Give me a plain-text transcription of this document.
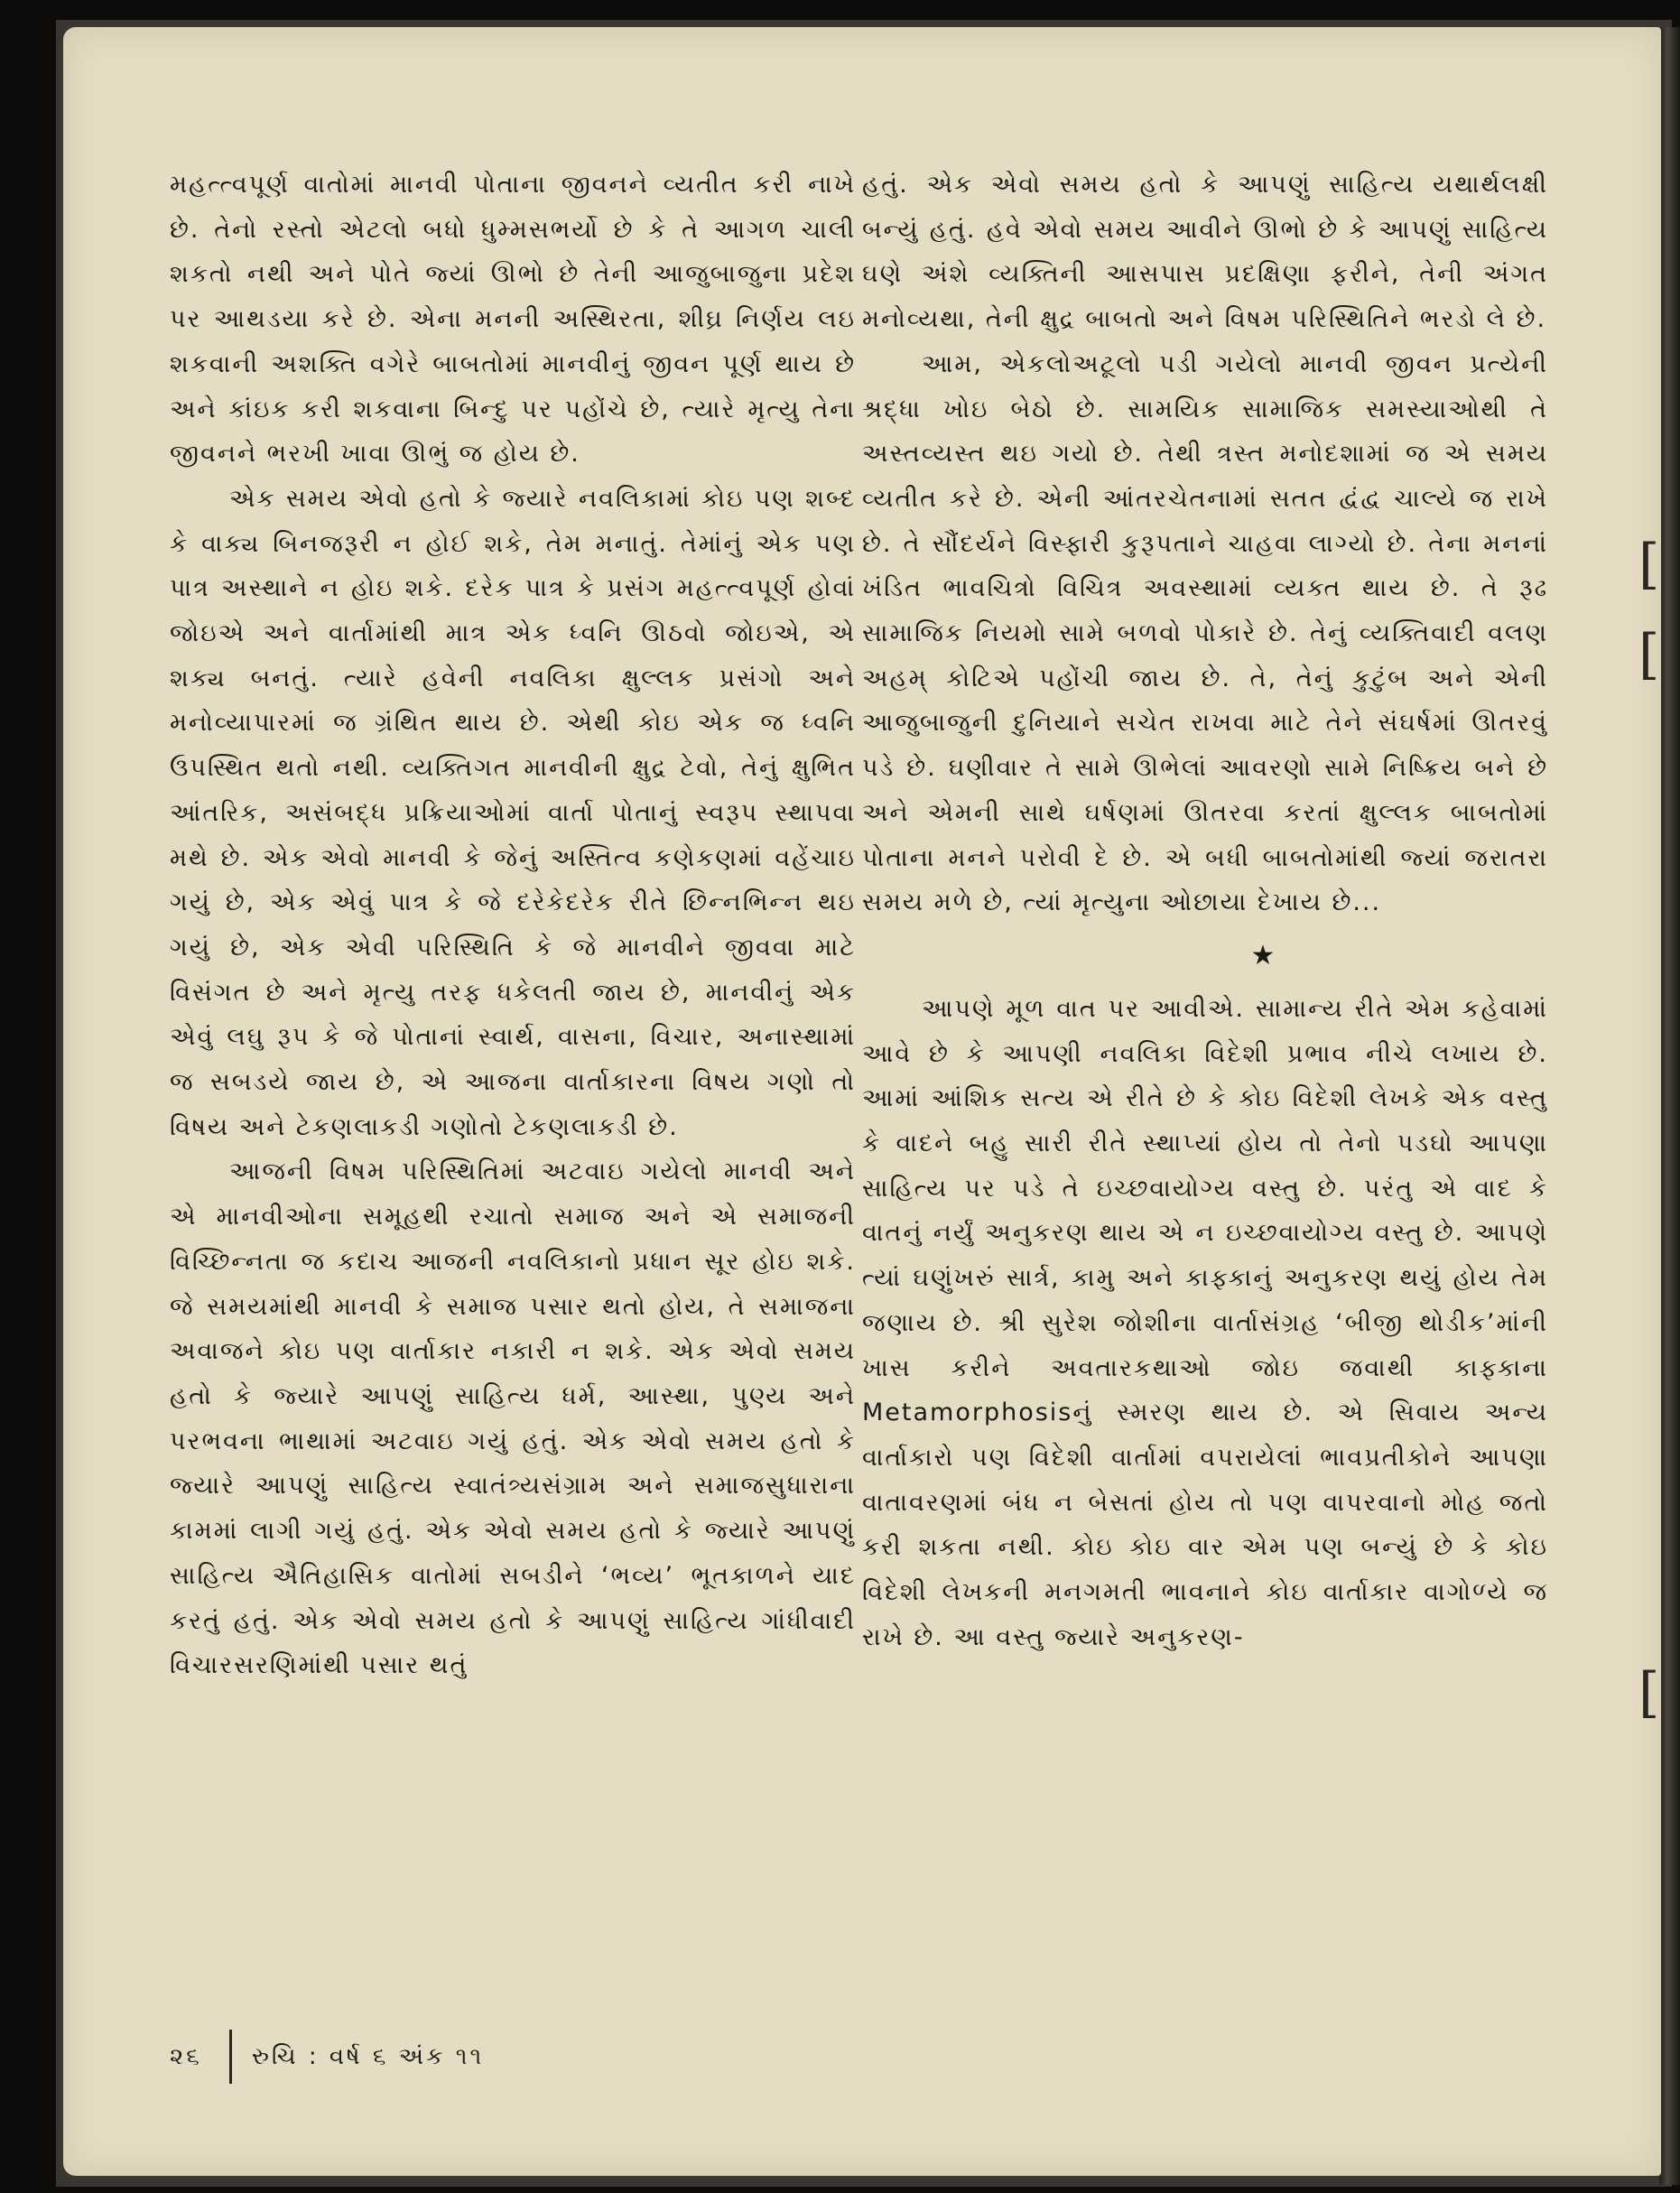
મહત્ત્વપૂર્ણ વાતોમાં માનવી પોતાના જીવનને વ્યતીત કરી નાખે છે. તેનો રસ્તો એટલો બધો ધુમ્મસભર્યો છે કે તે આગળ ચાલી શકતો નથી અને પોતે જ્યાં ઊભો છે તેની આજુબાજુના પ્રદેશ પર આથડયા કરે છે. એના મનની અસ્થિરતા, શીઘ્ર નિર્ણય લઇ શકવાની અશક્તિ વગેરે બાબતોમાં માનવીનું જીવન પૂર્ણ થાય છે અને કાંઇક કરી શકવાના બિન્દુ પર પહોંચે છે, ત્યારે મૃત્યુ તેના જીવનને ભરખી ખાવા ઊભું જ હોય છે.

એક સમય એવો હતો કે જ્યારે નવલિકામાં કોઇ પણ શબ્દ કે વાક્ય બિનજરૂરી ન હોઈ શકે, તેમ મનાતું. તેમાંનું એક પણ પાત્ર અસ્થાને ન હોઇ શકે. દરેક પાત્ર કે પ્રસંગ મહત્ત્વપૂર્ણ હોવાં જોઇએ અને વાર્તામાંથી માત્ર એક ધ્વનિ ઊઠવો જોઇએ, એ શક્ય બનતું. ત્યારે હવેની નવલિકા ક્ષુલ્લક પ્રસંગો અને મનોવ્યાપારમાં જ ગ્રંથિત થાય છે. એથી કોઇ એક જ ધ્વનિ ઉપસ્થિત થતો નથી. વ્યક્તિગત માનવીની ક્ષુદ્ર ટેવો, તેનું ક્ષુભિત આંતરિક, અસંબદ્ધ પ્રક્રિયાઓમાં વાર્તા પોતાનું સ્વરૂપ સ્થાપવા મથે છે. એક એવો માનવી કે જેનું અસ્તિત્વ કણેકણમાં વહેંચાઇ ગયું છે, એક એવું પાત્ર કે જે દરેકેદરેક રીતે છિન્નભિન્ન થઇ ગયું છે, એક એવી પરિસ્થિતિ કે જે માનવીને જીવવા માટે વિસંગત છે અને મૃત્યુ તરફ ધકેલતી જાય છે, માનવીનું એક એવું લઘુ રૂપ કે જે પોતાનાં સ્વાર્થ, વાસના, વિચાર, અનાસ્થામાં જ સબડયે જાય છે, એ આજના વાર્તાકારના વિષય ગણો તો વિષય અને ટેકણલાકડી ગણોતો ટેકણલાકડી છે.

આજની વિષમ પરિસ્થિતિમાં અટવાઇ ગયેલો માનવી અને એ માનવીઓના સમૂહથી રચાતો સમાજ અને એ સમાજની વિચ્છિન્નતા જ કદાચ આજની નવલિકાનો પ્રધાન સૂર હોઇ શકે. જે સમયમાંથી માનવી કે સમાજ પસાર થતો હોય, તે સમાજના અવાજને કોઇ પણ વાર્તાકાર નકારી ન શકે. એક એવો સમય હતો કે જ્યારે આપણું સાહિત્ય ધર્મ, આસ્થા, પુણ્ય અને પરભવના ભાથામાં અટવાઇ ગયું હતું. એક એવો સમય હતો કે જ્યારે આપણું સાહિત્ય સ્વાતંત્ર્યસંગ્રામ અને સમાજસુધારાના કામમાં લાગી ગયું હતું. એક એવો સમય હતો કે જ્યારે આપણું સાહિત્ય ઐતિહાસિક વાતોમાં સબડીને ‘ભવ્ય’ ભૂતકાળને યાદ કરતું હતું. એક એવો સમય હતો કે આપણું સાહિત્ય ગાંધીવાદી વિચારસરણિમાંથી પસાર થતું

હતું. એક એવો સમય હતો કે આપણું સાહિત્ય યથાર્થલક્ષી બન્યું હતું. હવે એવો સમય આવીને ઊભો છે કે આપણું સાહિત્ય ઘણે અંશે વ્યક્તિની આસપાસ પ્રદક્ષિણા ફરીને, તેની અંગત મનોવ્યથા, તેની ક્ષુદ્ર બાબતો અને વિષમ પરિસ્થિતિને ભરડો લે છે.

આમ, એકલોઅટૂલો પડી ગયેલો માનવી જીવન પ્રત્યેની શ્રદ્ધા ખોઇ બેઠો છે. સામયિક સામાજિક સમસ્યાઓથી તે અસ્તવ્યસ્ત થઇ ગયો છે. તેથી ત્રસ્ત મનોદશામાં જ એ સમય વ્યતીત કરે છે. એની આંતરચેતનામાં સતત દ્વંદ્વ ચાલ્યે જ રાખે છે. તે સૌંદર્યને વિસ્ફારી કુરૂપતાને ચાહવા લાગ્યો છે. તેના મનનાં ખંડિત ભાવચિત્રો વિચિત્ર અવસ્થામાં વ્યક્ત થાય છે. તે રૂઢ સામાજિક નિયમો સામે બળવો પોકારે છે. તેનું વ્યક્તિવાદી વલણ અહમ્ કોટિએ પહોંચી જાય છે. તે, તેનું કુટુંબ અને એની આજુબાજુની દુનિયાને સચેત રાખવા માટે તેને સંઘર્ષમાં ઊતરવું પડે છે. ઘણીવાર તે સામે ઊભેલાં આવરણો સામે નિષ્ક્રિય બને છે અને એમની સાથે ઘર્ષણમાં ઊતરવા કરતાં ક્ષુલ્લક બાબતોમાં પોતાના મનને પરોવી દે છે. એ બધી બાબતોમાંથી જ્યાં જરાતરા સમય મળે છે, ત્યાં મૃત્યુના ઓછાયા દેખાય છે...

★

આપણે મૂળ વાત પર આવીએ. સામાન્ય રીતે એમ કહેવામાં આવે છે કે આપણી નવલિકા વિદેશી પ્રભાવ નીચે લખાય છે. આમાં આંશિક સત્ય એ રીતે છે કે કોઇ વિદેશી લેખકે એક વસ્તુ કે વાદને બહુ સારી રીતે સ્થાપ્યાં હોય તો તેનો પડઘો આપણા સાહિત્ય પર પડે તે ઇચ્છવાયોગ્ય વસ્તુ છે. પરંતુ એ વાદ કે વાતનું નર્યું અનુકરણ થાય એ ન ઇચ્છવાયોગ્ય વસ્તુ છે. આપણે ત્યાં ઘણુંખરું સાર્ત્ર, કામુ અને કાફ્કાનું અનુકરણ થયું હોય તેમ જણાય છે. શ્રી સુરેશ જોશીના વાર્તાસંગ્રહ ‘બીજી થોડીક’માંની ખાસ કરીને અવતારકથાઓ જોઇ જવાથી કાફ્કાના Metamorphosisનું સ્મરણ થાય છે. એ સિવાય અન્ય વાર્તાકારો પણ વિદેશી વાર્તામાં વપરાયેલાં ભાવપ્રતીકોને આપણા વાતાવરણમાં બંધ ન બેસતાં હોય તો પણ વાપરવાનો મોહ જતો કરી શકતા નથી. કોઇ કોઇ વાર એમ પણ બન્યું છે કે કોઇ વિદેશી લેખકની મનગમતી ભાવનાને કોઇ વાર્તાકાર વાગોળ્યે જ રાખે છે. આ વસ્તુ જ્યારે અનુકરણ-

૨૬ રુચિ : વર્ષ ૬ અંક ૧૧
[
[
[
